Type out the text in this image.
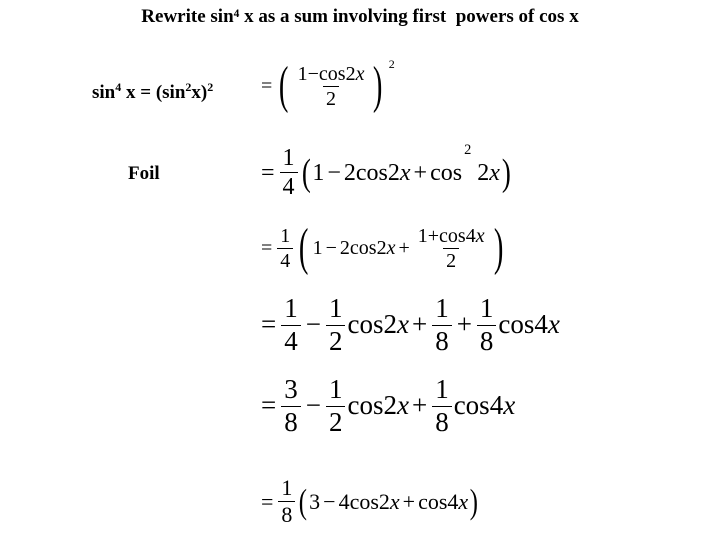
Rewrite sin⁴ x as a sum involving first  powers of cos x
$\sin^4 x = (\sin^2x)^2$
Foil
= ( $\frac{1-\cos 2x}{2}$ ) 2
= $\frac{1}{4}$ ( 1 − 2 cos 2 x + cos
2

2 x )
= $\frac{1}{4}$ ( 1 − 2 cos 2 $x + \frac{1+\cos 4x}{2}$ )
= $\frac{1}{4} - \frac{1}{2}$ cos 2 $x + \frac{1}{8} + \frac{1}{8}$ cos 4 x
= $\frac{3}{8} - \frac{1}{2}$ cos 2 $x + \frac{1}{8}$ cos 4 x
= $\frac{1}{8}$ ( 3 − 4 cos 2 x + cos 4 x )
